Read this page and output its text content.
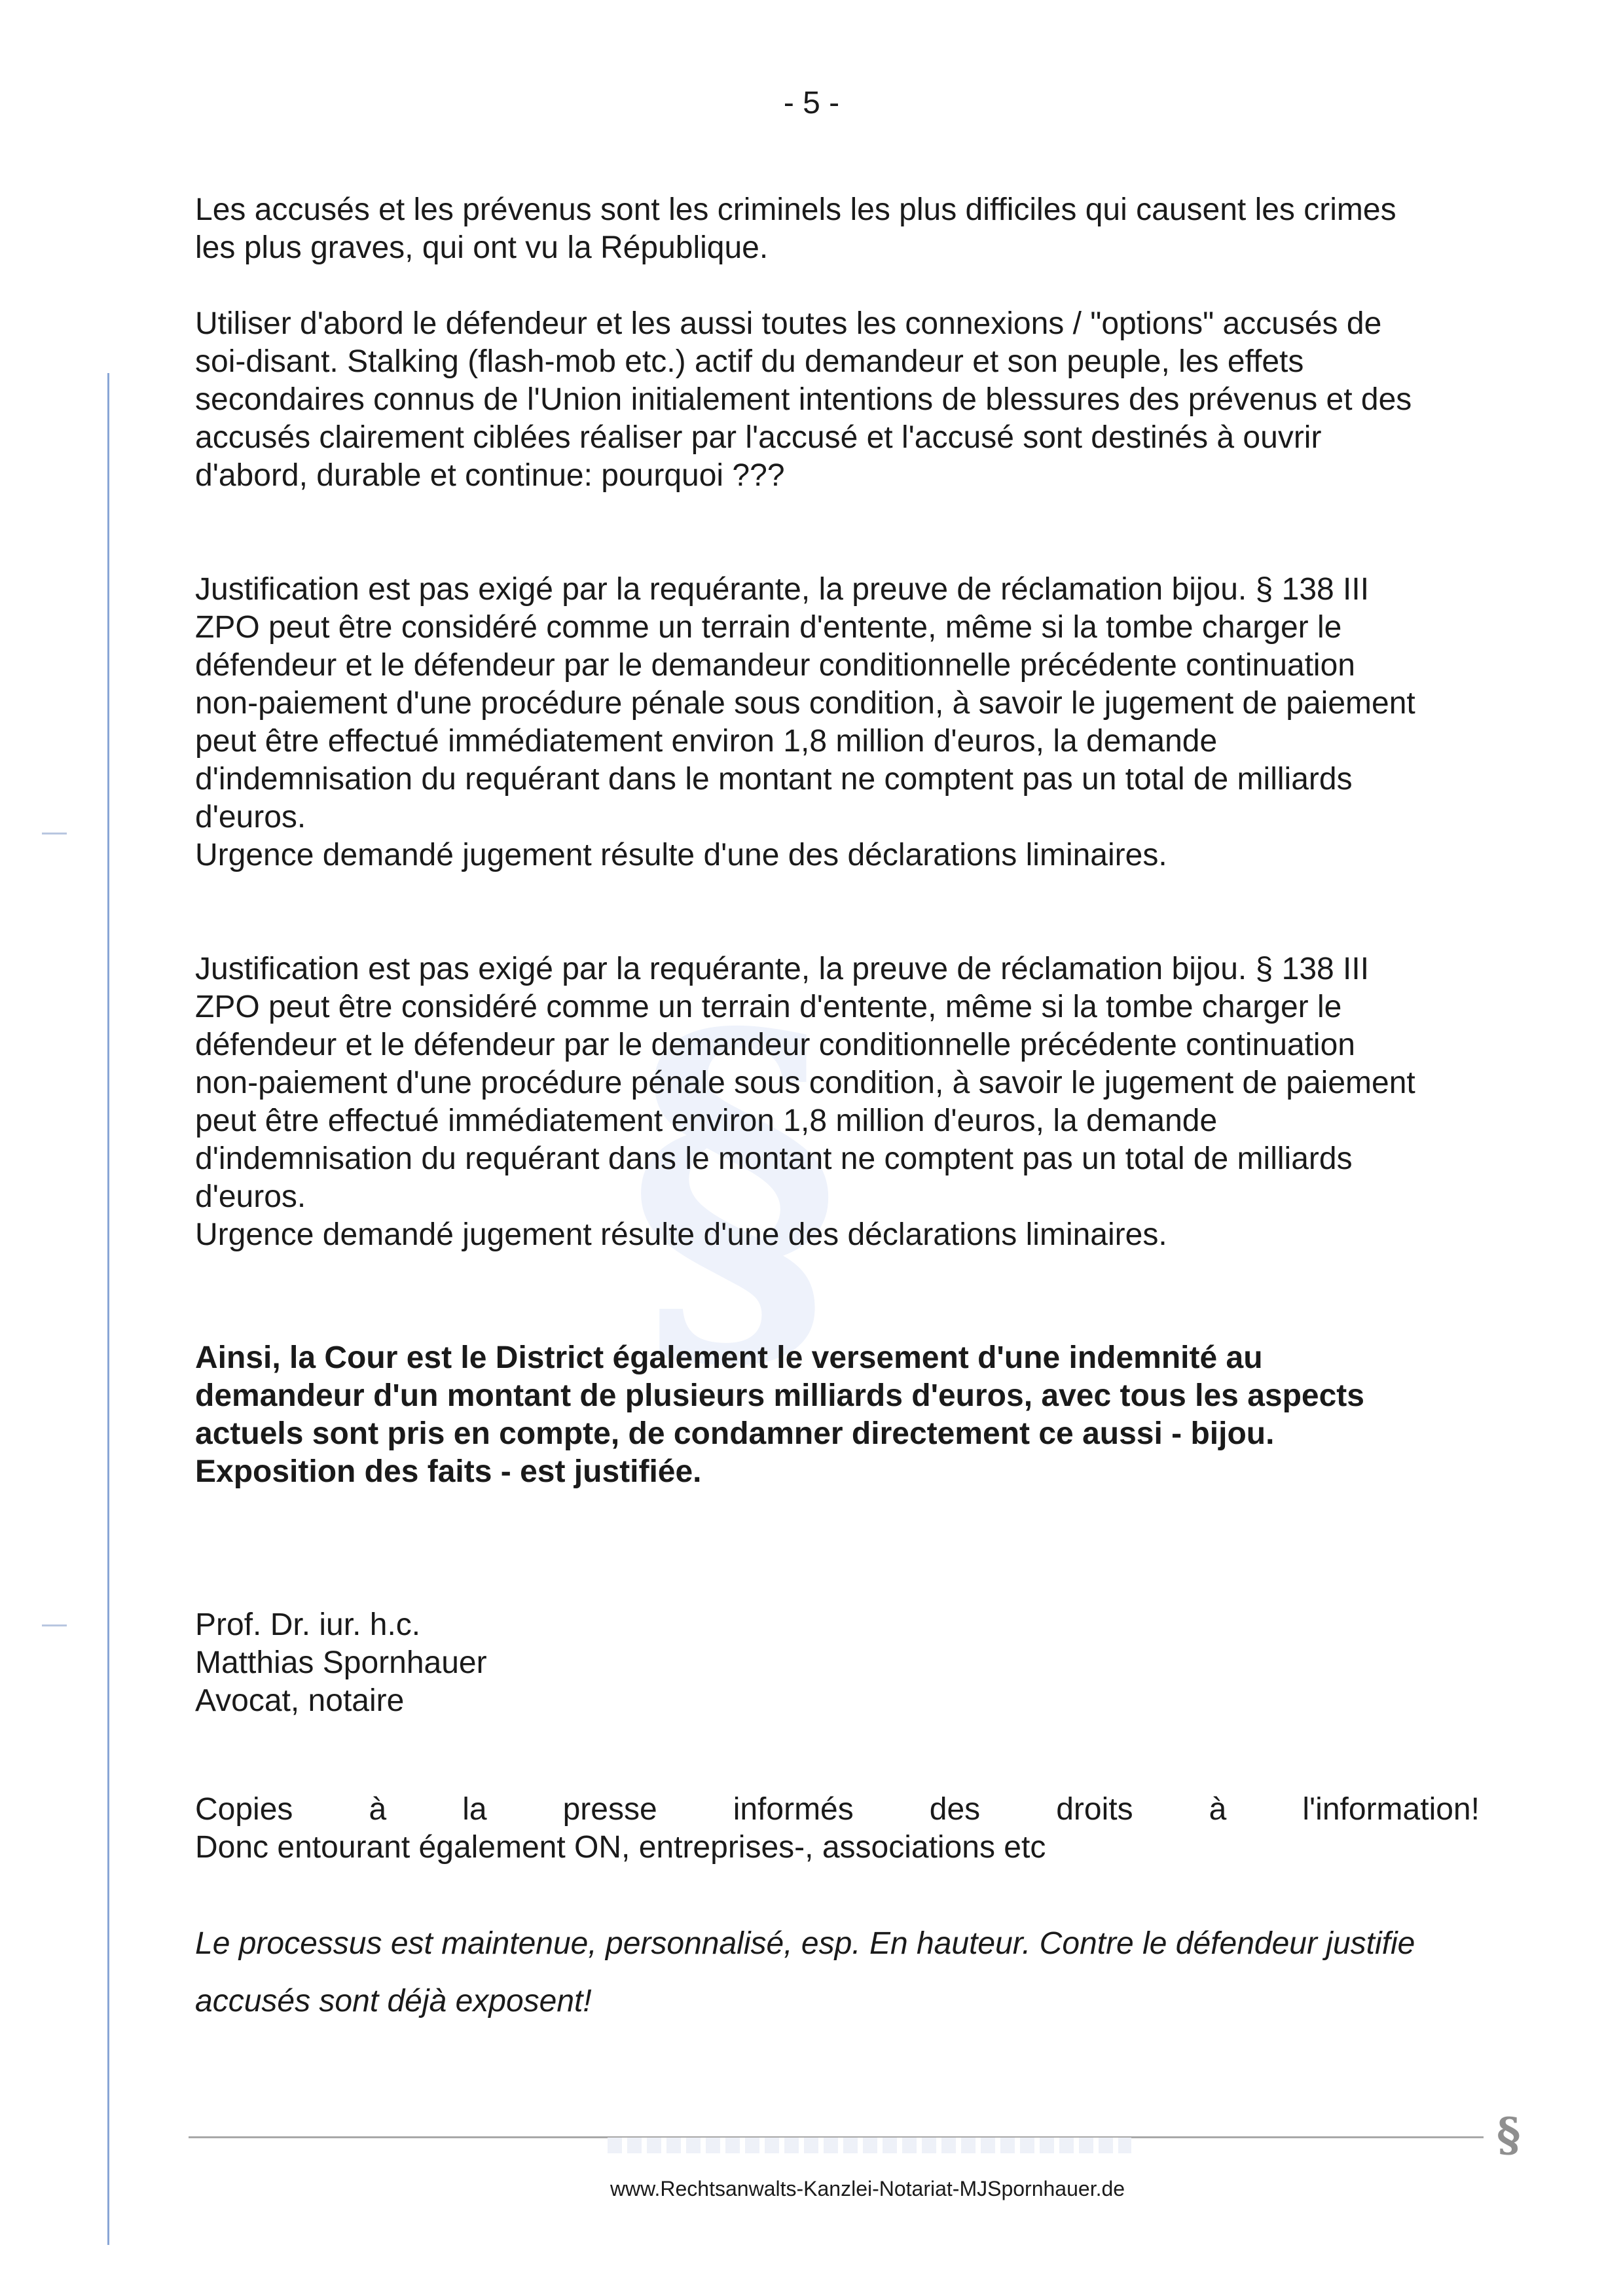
- 5 -
§

Les accusés et les prévenus sont les criminels les plus difficiles qui causent les crimes
les plus graves, qui ont vu la République.

Utiliser d'abord le défendeur et les aussi toutes les connexions / "options" accusés de
soi-disant. Stalking (flash-mob etc.) actif du demandeur et son peuple, les effets
secondaires connus de l'Union initialement intentions de blessures des prévenus et des
accusés clairement ciblées réaliser par l'accusé et l'accusé sont destinés à ouvrir
d'abord, durable et continue: pourquoi ???

Justification est pas exigé par la requérante, la preuve de réclamation bijou. § 138 III
ZPO peut être considéré comme un terrain d'entente, même si la tombe charger le
défendeur et le défendeur par le demandeur conditionnelle précédente continuation
non-paiement d'une procédure pénale sous condition, à savoir le jugement de paiement
peut être effectué immédiatement environ 1,8 million d'euros, la demande
d'indemnisation du requérant dans le montant ne comptent pas un total de milliards
d'euros.
Urgence demandé jugement résulte d'une des déclarations liminaires.

Justification est pas exigé par la requérante, la preuve de réclamation bijou. § 138 III
ZPO peut être considéré comme un terrain d'entente, même si la tombe charger le
défendeur et le défendeur par le demandeur conditionnelle précédente continuation
non-paiement d'une procédure pénale sous condition, à savoir le jugement de paiement
peut être effectué immédiatement environ 1,8 million d'euros, la demande
d'indemnisation du requérant dans le montant ne comptent pas un total de milliards
d'euros.
Urgence demandé jugement résulte d'une des déclarations liminaires.

Ainsi, la Cour est le District également le versement d'une indemnité au
demandeur d'un montant de plusieurs milliards d'euros, avec tous les aspects
actuels sont pris en compte, de condamner directement ce aussi - bijou.
Exposition des faits - est justifiée.

Prof. Dr. iur. h.c.
Matthias Spornhauer
Avocat, notaire
Copies à la presse informés des droits à l'information!
Donc entourant également ON, entreprises-, associations etc
Le processus est maintenue, personnalisé, esp. En hauteur. Contre le défendeur justifie
accusés sont déjà exposent!
§
www.Rechtsanwalts-Kanzlei-Notariat-MJSpornhauer.de
